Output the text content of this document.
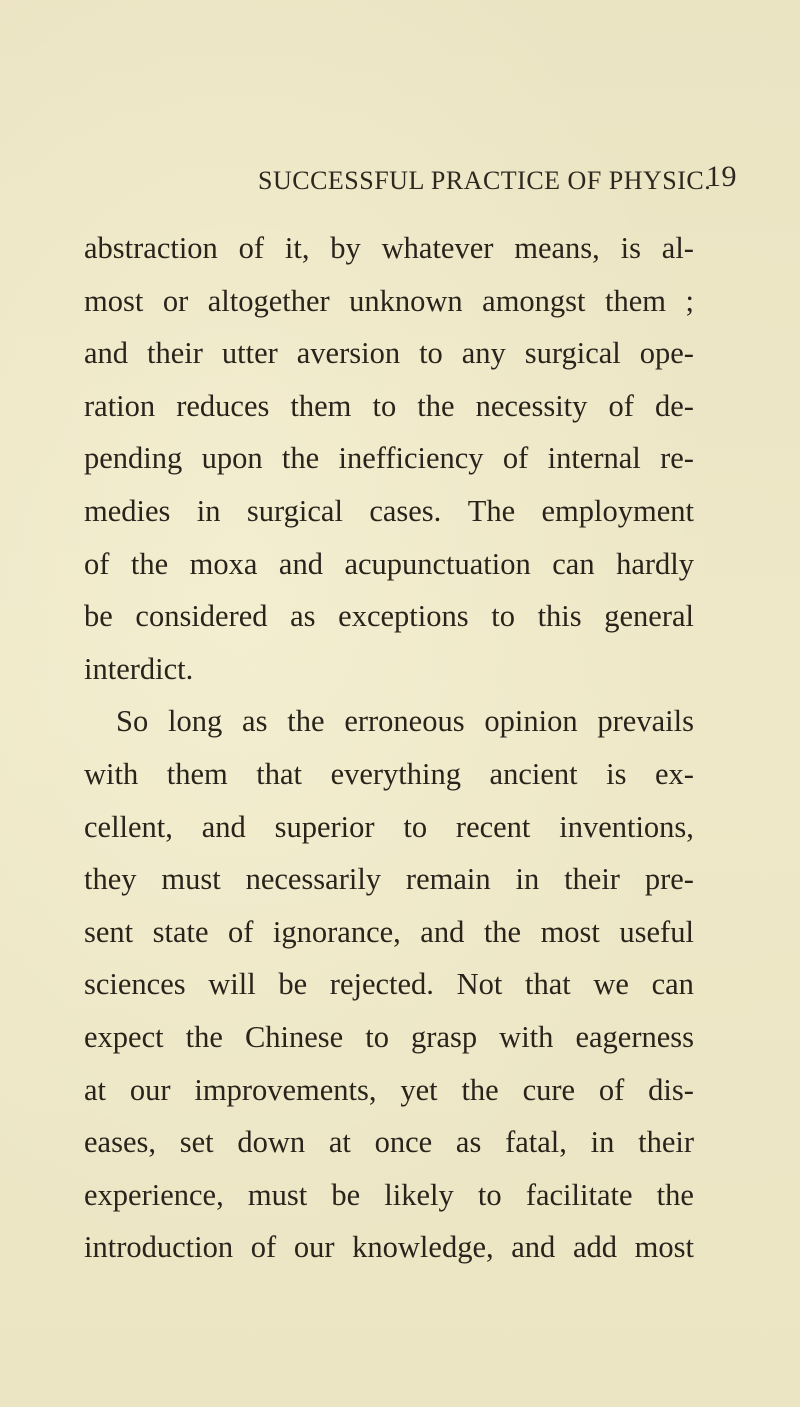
SUCCESSFUL PRACTICE OF PHYSIC.
19
abstraction of it, by whatever means, is al-
most or altogether unknown amongst them ;
and their utter aversion to any surgical ope-
ration reduces them to the necessity of de-
pending upon the inefficiency of internal re-
medies in surgical cases. The employment
of the moxa and acupunctuation can hardly
be considered as exceptions to this general
interdict.
So long as the erroneous opinion prevails
with them that everything ancient is ex-
cellent, and superior to recent inventions,
they must necessarily remain in their pre-
sent state of ignorance, and the most useful
sciences will be rejected. Not that we can
expect the Chinese to grasp with eagerness
at our improvements, yet the cure of dis-
eases, set down at once as fatal, in their
experience, must be likely to facilitate the
introduction of our knowledge, and add most
